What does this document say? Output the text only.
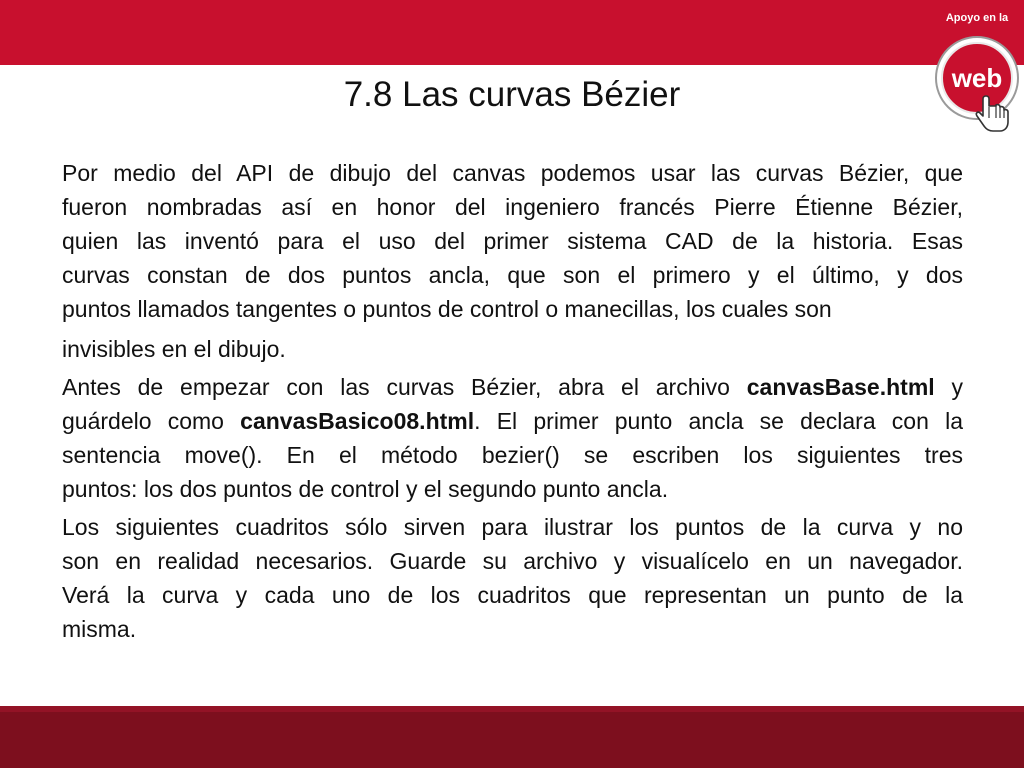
Apoyo en la
web
7.8 Las curvas Bézier

Por medio del API de dibujo del canvas podemos usar las curvas Bézier, que
fueron nombradas así en honor del ingeniero francés Pierre Étienne Bézier,
quien las inventó para el uso del primer sistema CAD de la historia. Esas
curvas constan de dos puntos ancla, que son el primero y el último, y dos
puntos llamados tangentes o puntos de control o manecillas, los cuales son

invisibles en el dibujo.

Antes de empezar con las curvas Bézier, abra el archivo canvasBase.html y
guárdelo como canvasBasico08.html. El primer punto ancla se declara con la
sentencia move(). En el método bezier() se escriben los siguientes tres
puntos: los dos puntos de control y el segundo punto ancla.

Los siguientes cuadritos sólo sirven para ilustrar los puntos de la curva y no
son en realidad necesarios. Guarde su archivo y visualícelo en un navegador.
Verá la curva y cada uno de los cuadritos que representan un punto de la
misma.
